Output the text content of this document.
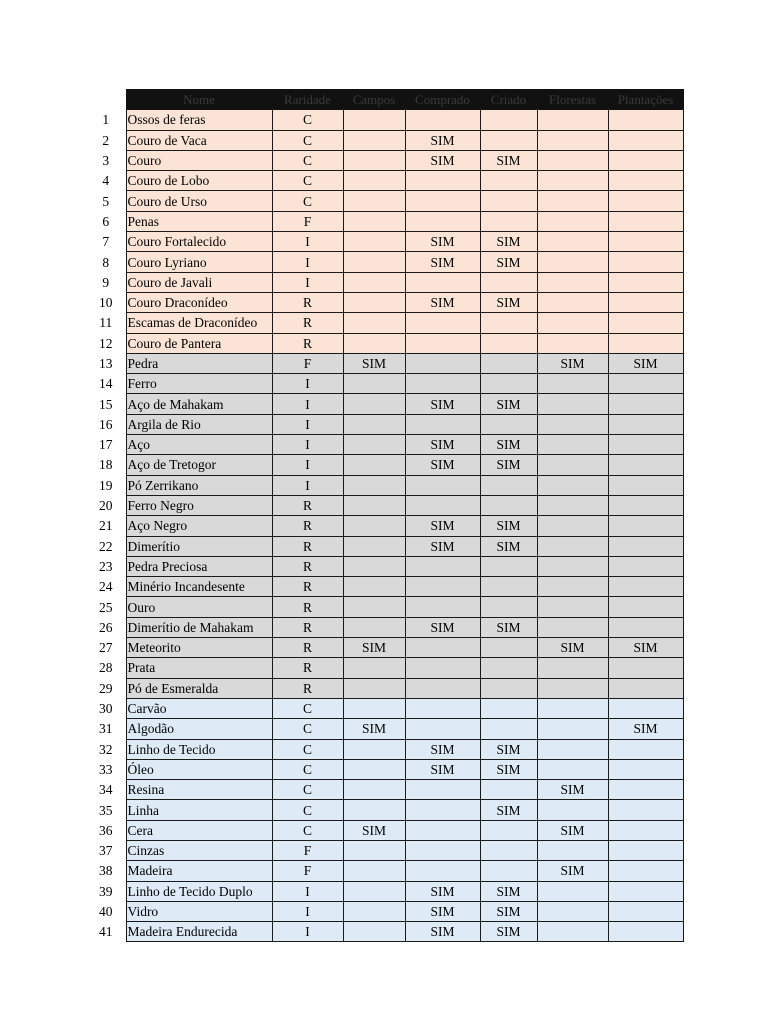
	Nome	Raridade	Campos	Comprado	Criado	Florestas	Plantações
1	Ossos de feras	C					
2	Couro de Vaca	C		SIM			
3	Couro	C		SIM	SIM		
4	Couro de Lobo	C					
5	Couro de Urso	C					
6	Penas	F					
7	Couro Fortalecido	I		SIM	SIM		
8	Couro Lyriano	I		SIM	SIM		
9	Couro de Javali	I					
10	Couro Draconídeo	R		SIM	SIM		
11	Escamas de Draconídeo	R					
12	Couro de Pantera	R					
13	Pedra	F	SIM			SIM	SIM
14	Ferro	I					
15	Aço de Mahakam	I		SIM	SIM		
16	Argila de Rio	I					
17	Aço	I		SIM	SIM		
18	Aço de Tretogor	I		SIM	SIM		
19	Pó Zerrikano	I					
20	Ferro Negro	R					
21	Aço Negro	R		SIM	SIM		
22	Dimerítio	R		SIM	SIM		
23	Pedra Preciosa	R					
24	Minério Incandesente	R					
25	Ouro	R					
26	Dimerítio de Mahakam	R		SIM	SIM		
27	Meteorito	R	SIM			SIM	SIM
28	Prata	R					
29	Pó de Esmeralda	R					
30	Carvão	C					
31	Algodão	C	SIM				SIM
32	Linho de Tecido	C		SIM	SIM		
33	Óleo	C		SIM	SIM		
34	Resina	C				SIM	
35	Linha	C			SIM		
36	Cera	C	SIM			SIM	
37	Cinzas	F					
38	Madeira	F				SIM	
39	Linho de Tecido Duplo	I		SIM	SIM		
40	Vidro	I		SIM	SIM		
41	Madeira Endurecida	I		SIM	SIM		
